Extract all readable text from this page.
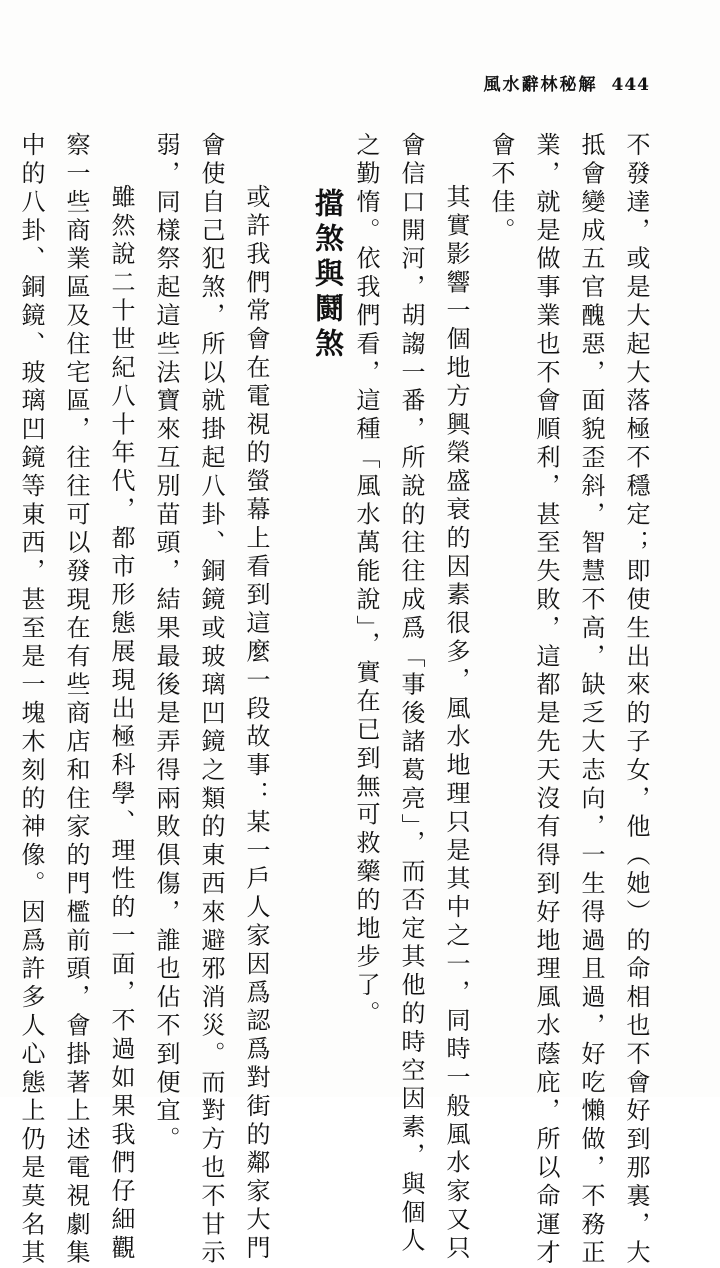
風水辭林秘解 444
不發達，或是大起大落極不穩定；即使生出來的子女，他（她）的命相也不會好到那裏，大
抵會變成五官醜惡，面貌歪斜，智慧不高，缺乏大志向，一生得過且過，好吃懶做，不務正
業，就是做事業也不會順利，甚至失敗，這都是先天沒有得到好地理風水蔭庇，所以命運才
會不佳。
其實影響一個地方興榮盛衰的因素很多，風水地理只是其中之一，同時一般風水家又只
會信口開河，胡謅一番，所說的往往成爲「事後諸葛亮」，而否定其他的時空因素，與個人
之勤惰。依我們看，這種「風水萬能說」，實在已到無可救藥的地步了。
擋煞與鬪煞
或許我們常會在電視的螢幕上看到這麼一段故事：某一戶人家因爲認爲對街的鄰家大門
會使自己犯煞，所以就掛起八卦、銅鏡或玻璃凹鏡之類的東西來避邪消災。而對方也不甘示
弱，同樣祭起這些法寶來互別苗頭，結果最後是弄得兩敗俱傷，誰也佔不到便宜。
雖然說二十世紀八十年代，都市形態展現出極科學、理性的一面，不過如果我們仔細觀
察一些商業區及住宅區，往往可以發現在有些商店和住家的門檻前頭，會掛著上述電視劇集
中的八卦、銅鏡、玻璃凹鏡等東西，甚至是一塊木刻的神像。因爲許多人心態上仍是莫名其
